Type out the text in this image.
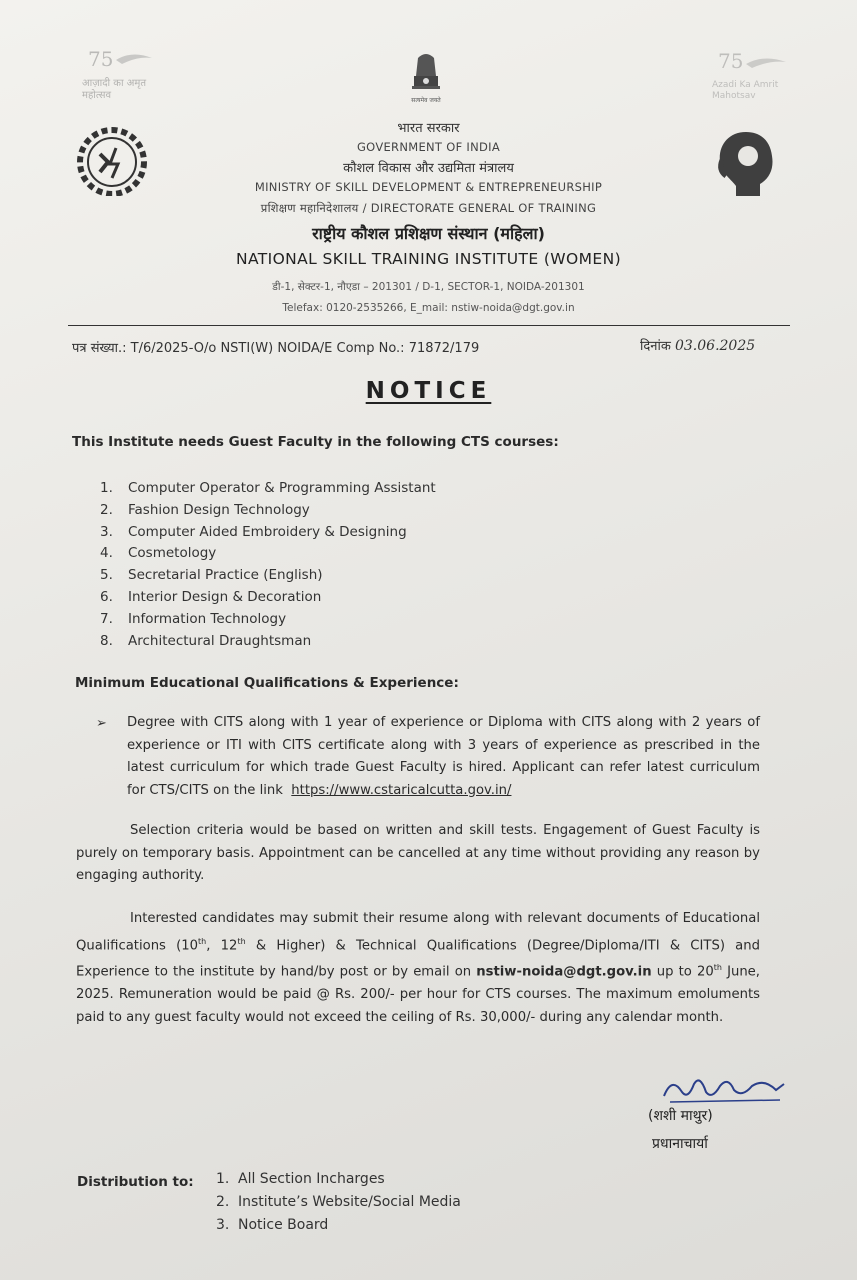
75
आज़ादी का अमृत महोत्सव	सत्यमेव जयते
75
Azadi Ka Amrit Mahotsav
भारत सरकार
GOVERNMENT OF INDIA
कौशल विकास और उद्यमिता मंत्रालय
MINISTRY OF SKILL DEVELOPMENT & ENTREPRENEURSHIP
प्रशिक्षण महानिदेशालय / DIRECTORATE GENERAL OF TRAINING
राष्ट्रीय कौशल प्रशिक्षण संस्थान (महिला)
NATIONAL SKILL TRAINING INSTITUTE (WOMEN)
डी-1, सेक्टर-1, नौएडा – 201301 / D-1, SECTOR-1, NOIDA-201301
Telefax: 0120-2535266, E_mail: nstiw-noida@dgt.gov.in
पत्र संख्या.: T/6/2025-O/o NSTI(W) NOIDA/E Comp No.: 71872/179	दिनांक 03.06.2025
NOTICE
This Institute needs Guest Faculty in the following CTS courses:
1. Computer Operator & Programming Assistant
2. Fashion Design Technology
3. Computer Aided Embroidery & Designing
4. Cosmetology
5. Secretarial Practice (English)
6. Interior Design & Decoration
7. Information Technology
8. Architectural Draughtsman
Minimum Educational Qualifications & Experience:
➢ Degree with CITS along with 1 year of experience or Diploma with CITS along with 2 years of experience or ITI with CITS certificate along with 3 years of experience as prescribed in the latest curriculum for which trade Guest Faculty is hired. Applicant can refer latest curriculum for CTS/CITS on the link https://www.cstaricalcutta.gov.in/
Selection criteria would be based on written and skill tests. Engagement of Guest Faculty is purely on temporary basis. Appointment can be cancelled at any time without providing any reason by engaging authority.
Interested candidates may submit their resume along with relevant documents of Educational Qualifications (10th, 12th & Higher) & Technical Qualifications (Degree/Diploma/ITI & CITS) and Experience to the institute by hand/by post or by email on nstiw-noida@dgt.gov.in up to 20th June, 2025. Remuneration would be paid @ Rs. 200/- per hour for CTS courses. The maximum emoluments paid to any guest faculty would not exceed the ceiling of Rs. 30,000/- during any calendar month.
(शशी माथुर)
प्रधानाचार्या
Distribution to: 1. All Section Incharges
2. Institute’s Website/Social Media
3. Notice Board
